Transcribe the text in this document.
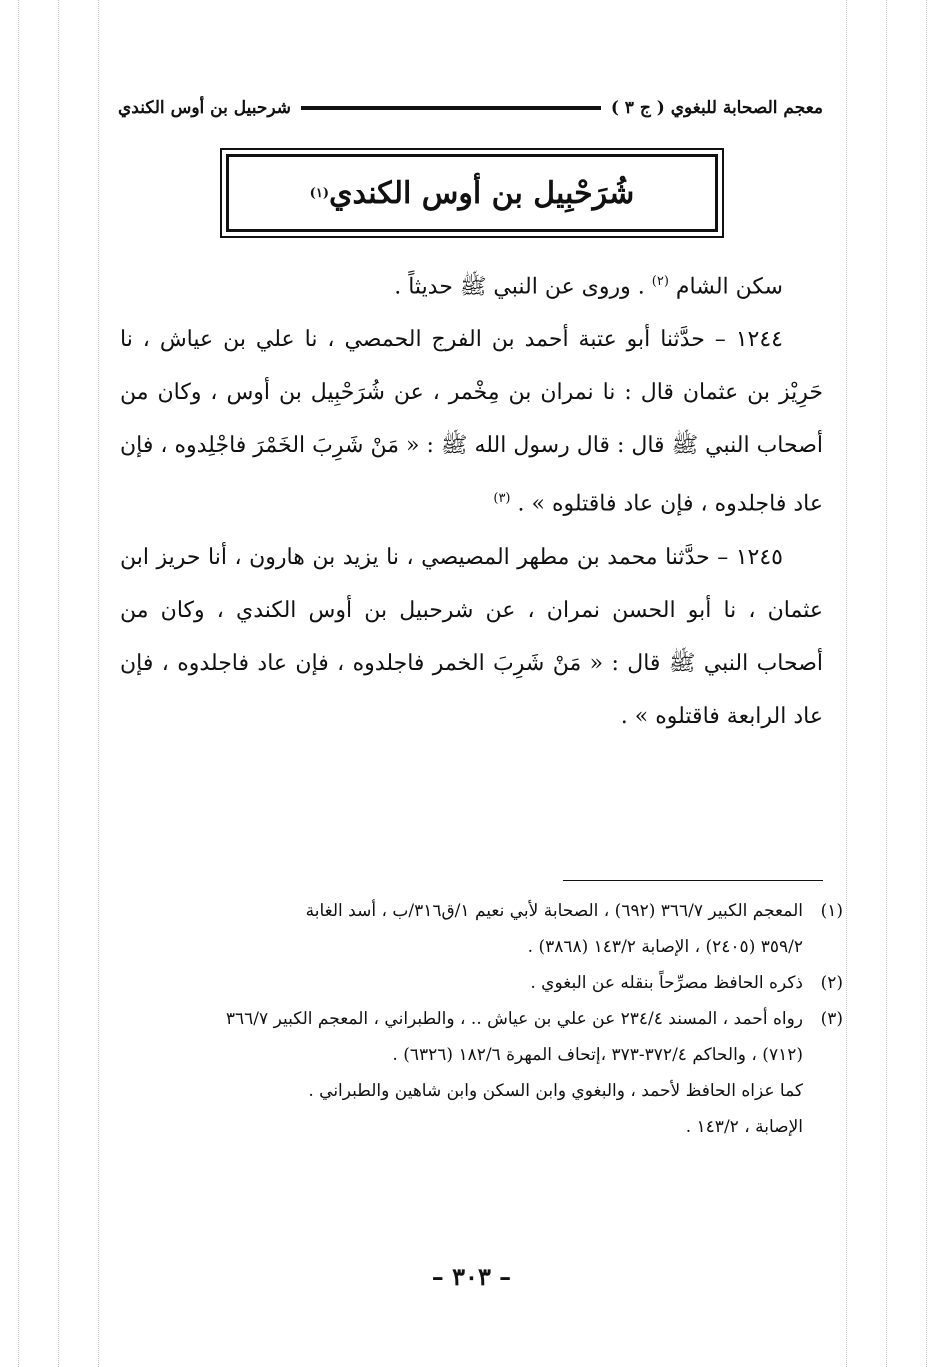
معجم الصحابة للبغوي ( ج ٣ )
شرحبيل بن أوس الكندي
شُرَحْبِيل بن أوس الكندي
(١)

سكن الشام $^{(٢)}$ . وروى عن النبي ﷺ حديثاً .

١٢٤٤ – حدَّثنا أبو عتبة أحمد بن الفرج الحمصي ، نا علي بن عياش ، نا حَرِيْز بن عثمان قال : نا نمران بن مِخْمر ، عن شُرَحْبِيل بن أوس ، وكان من أصحاب النبي ﷺ قال : قال رسول الله ﷺ : « مَنْ شَرِبَ الخَمْرَ فاجْلِدوه ، فإن عاد فاجلدوه ، فإن عاد فاقتلوه » . $^{(٣)}$

١٢٤٥ – حدَّثنا محمد بن مطهر المصيصي ، نا يزيد بن هارون ، أنا حريز ابن عثمان ، نا أبو الحسن نمران ، عن شرحبيل بن أوس الكندي ، وكان من أصحاب النبي ﷺ قال : « مَنْ شَرِبَ الخمر فاجلدوه ، فإن عاد فاجلدوه ، فإن عاد الرابعة فاقتلوه » .

(١)
المعجم الكبير ٣٦٦/٧ (٦٩٢) ، الصحابة لأبي نعيم ١/ق٣١٦/ب ، أسد الغابة
٣٥٩/٢ (٢٤٠٥) ، الإصابة ١٤٣/٢ (٣٨٦٨) .
(٢)
ذكره الحافظ مصرِّحاً بنقله عن البغوي .
(٣)
رواه أحمد ، المسند ٢٣٤/٤ عن علي بن عياش .. ، والطبراني ، المعجم الكبير ٣٦٦/٧
(٧١٢) ، والحاكم ٣٧٢/٤-٣٧٣ ،إتحاف المهرة ١٨٢/٦ (٦٣٢٦) .
كما عزاه الحافظ لأحمد ، والبغوي وابن السكن وابن شاهين والطبراني .
الإصابة ، ١٤٣/٢ .
– ٣٠٣ –
